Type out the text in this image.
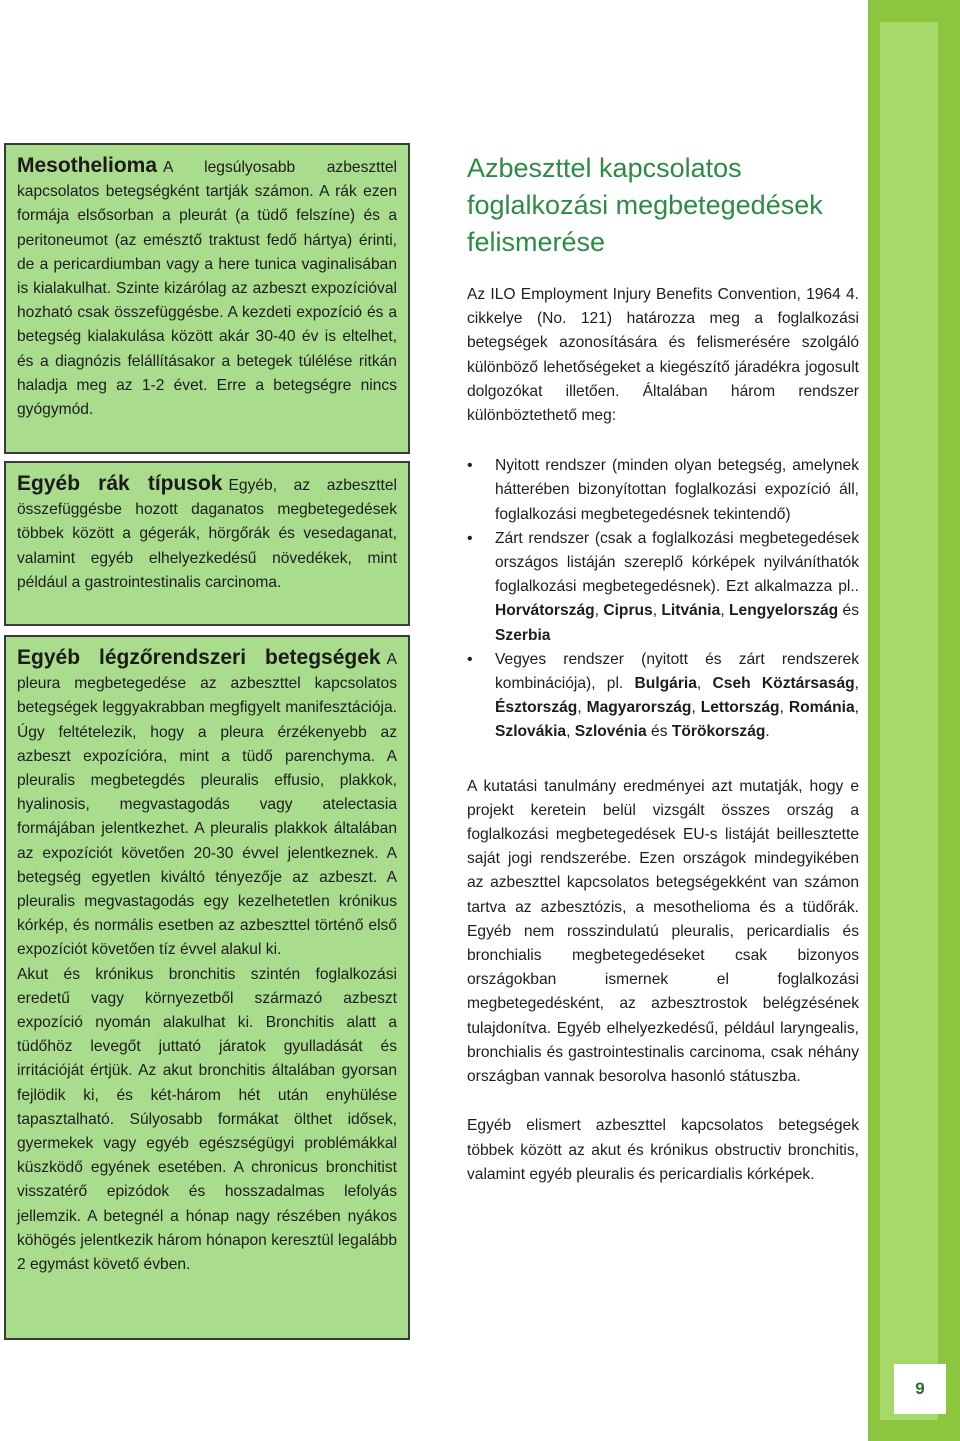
9

Mesothelioma A legsúlyosabb azbeszttel kapcsolatos betegségként tartják számon. A rák ezen formája elsősorban a pleurát (a tüdő felszíne) és a peritoneumot (az emésztő traktust fedő hártya) érinti, de a pericardiumban vagy a here tunica vaginalisában is kialakulhat. Szinte kizárólag az azbeszt expozícióval hozható csak összefüggésbe. A kezdeti expozíció és a betegség kialakulása között akár 30-40 év is eltelhet, és a diagnózis felállításakor a betegek túlélése ritkán haladja meg az 1-2 évet. Erre a betegségre nincs gyógymód.

Egyéb rák típusok Egyéb, az azbeszttel összefüggésbe hozott daganatos megbetegedések többek között a gégerák, hörgőrák és vesedaganat, valamint egyéb elhelyezkedésű növedékek, mint például a gastrointestinalis carcinoma.

Egyéb légzőrendszeri betegségek A pleura megbetegedése az azbeszttel kapcsolatos betegségek leggyakrabban megfigyelt manifesztációja. Úgy feltételezik, hogy a pleura érzékenyebb az azbeszt expozícióra, mint a tüdő parenchyma. A pleuralis megbetegdés pleuralis effusio, plakkok, hyalinosis, megvastagodás vagy atelectasia formájában jelentkezhet. A pleuralis plakkok általában az expozíciót követően 20-30 évvel jelentkeznek. A betegség egyetlen kiváltó tényezője az azbeszt. A pleuralis megvastagodás egy kezelhetetlen krónikus kórkép, és normális esetben az azbeszttel történő első expozíciót követően tíz évvel alakul ki.

Akut és krónikus bronchitis szintén foglalkozási eredetű vagy környezetből származó azbeszt expozíció nyomán alakulhat ki. Bronchitis alatt a tüdőhöz levegőt juttató járatok gyulladását és irritációját értjük. Az akut bronchitis általában gyorsan fejlödik ki, és két-három hét után enyhülése tapasztalható. Súlyosabb formákat ölthet idősek, gyermekek vagy egyéb egészségügyi problémákkal küszködő egyének esetében. A chronicus bronchitist visszatérő epizódok és hosszadalmas lefolyás jellemzik. A betegnél a hónap nagy részében nyákos köhögés jelentkezik három hónapon keresztül legalább 2 egymást követő évben.

Azbeszttel kapcsolatos foglalkozási megbetegedések felismerése

Az ILO Employment Injury Benefits Convention, 1964 4. cikkelye (No. 121) határozza meg a foglalkozási betegségek azonosítására és felismerésére szolgáló különböző lehetőségeket a kiegészítő járadékra jogosult dolgozókat illetően. Általában három rendszer különböztethető meg:

• Nyitott rendszer (minden olyan betegség, amelynek hátterében bizonyítottan foglalkozási expozíció áll, foglalkozási megbetegedésnek tekintendő)
• Zárt rendszer (csak a foglalkozási megbetegedések országos listáján szereplő kórképek nyilváníthatók foglalkozási megbetegedésnek). Ezt alkalmazza pl.. Horvátország, Ciprus, Litvánia, Lengyelország és Szerbia
• Vegyes rendszer (nyitott és zárt rendszerek kombinációja), pl. Bulgária, Cseh Köztársaság, Észtország, Magyarország, Lettország, Románia, Szlovákia, Szlovénia és Törökország.

A kutatási tanulmány eredményei azt mutatják, hogy e projekt keretein belül vizsgált összes ország a foglalkozási megbetegedések EU-s listáját beillesztette saját jogi rendszerébe. Ezen országok mindegyikében az azbeszttel kapcsolatos betegségekként van számon tartva az azbesztózis, a mesothelioma és a tüdőrák. Egyéb nem rosszindulatú pleuralis, pericardialis és bronchialis megbetegedéseket csak bizonyos országokban ismernek el foglalkozási megbetegedésként, az azbesztrostok belégzésének tulajdonítva. Egyéb elhelyezkedésű, például laryngealis, bronchialis és gastrointestinalis carcinoma, csak néhány országban vannak besorolva hasonló státuszba.

Egyéb elismert azbeszttel kapcsolatos betegségek többek között az akut és krónikus obstructiv bronchitis, valamint egyéb pleuralis és pericardialis kórképek.
